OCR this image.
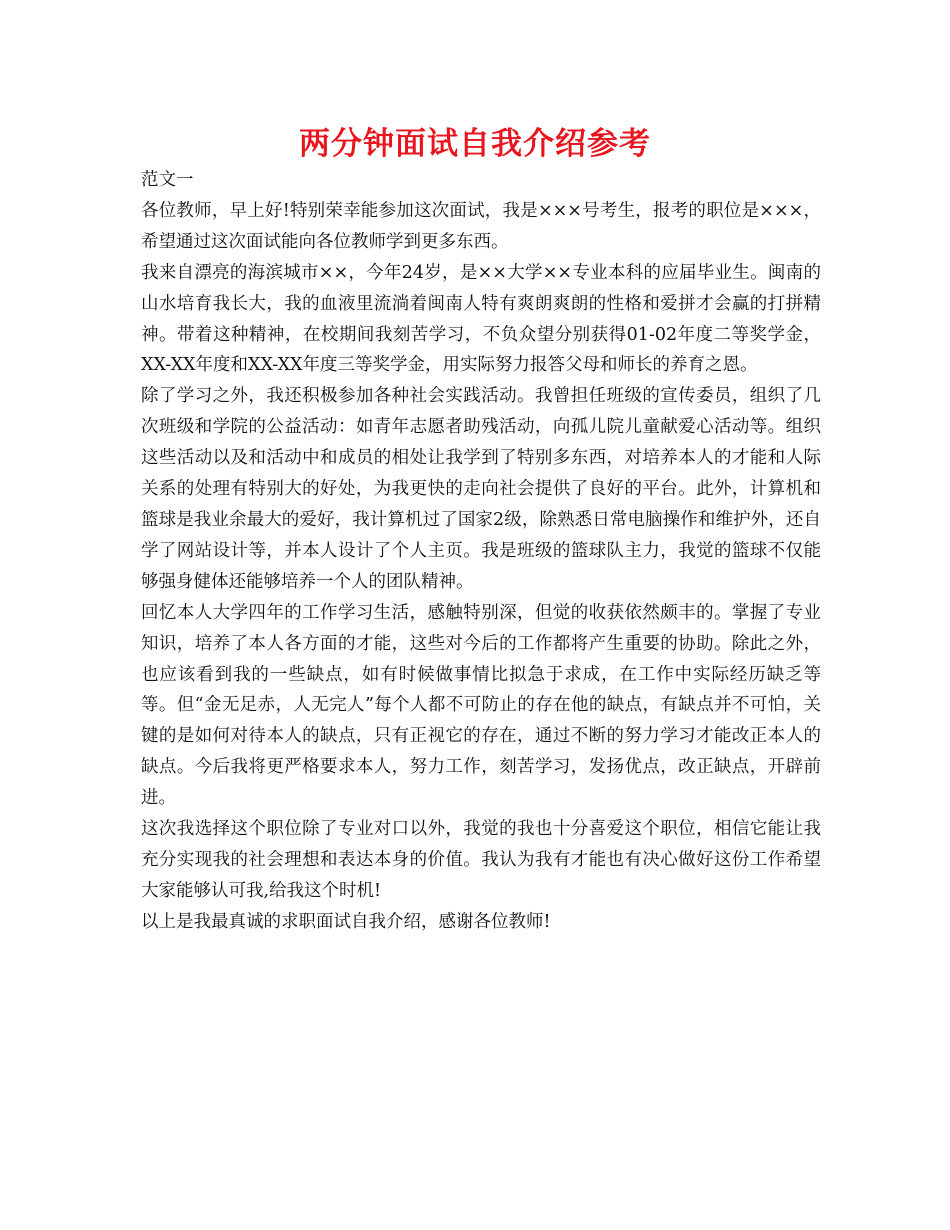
两分钟面试自我介绍参考

范文一

各位教师，早上好!特别荣幸能参加这次面试，我是×××号考生，报考的职位是×××，希望通过这次面试能向各位教师学到更多东西。

我来自漂亮的海滨城市××，今年24岁，是××大学××专业本科的应届毕业生。闽南的山水培育我长大，我的血液里流淌着闽南人特有爽朗爽朗的性格和爱拼才会赢的打拼精神。带着这种精神，在校期间我刻苦学习，不负众望分别获得01-02年度二等奖学金，XX-XX年度和XX-XX年度三等奖学金，用实际努力报答父母和师长的养育之恩。

除了学习之外，我还积极参加各种社会实践活动。我曾担任班级的宣传委员，组织了几次班级和学院的公益活动：如青年志愿者助残活动，向孤儿院儿童献爱心活动等。组织这些活动以及和活动中和成员的相处让我学到了特别多东西，对培养本人的才能和人际关系的处理有特别大的好处，为我更快的走向社会提供了良好的平台。此外，计算机和篮球是我业余最大的爱好，我计算机过了国家2级，除熟悉日常电脑操作和维护外，还自学了网站设计等，并本人设计了个人主页。我是班级的篮球队主力，我觉的篮球不仅能够强身健体还能够培养一个人的团队精神。

回忆本人大学四年的工作学习生活，感触特别深，但觉的收获依然颇丰的。掌握了专业知识，培养了本人各方面的才能，这些对今后的工作都将产生重要的协助。除此之外，也应该看到我的一些缺点，如有时候做事情比拟急于求成，在工作中实际经历缺乏等等。但“金无足赤，人无完人”每个人都不可防止的存在他的缺点，有缺点并不可怕，关键的是如何对待本人的缺点，只有正视它的存在，通过不断的努力学习才能改正本人的缺点。今后我将更严格要求本人，努力工作，刻苦学习，发扬优点，改正缺点，开辟前进。

这次我选择这个职位除了专业对口以外，我觉的我也十分喜爱这个职位，相信它能让我充分实现我的社会理想和表达本身的价值。我认为我有才能也有决心做好这份工作希望大家能够认可我,给我这个时机!

以上是我最真诚的求职面试自我介绍，感谢各位教师!
